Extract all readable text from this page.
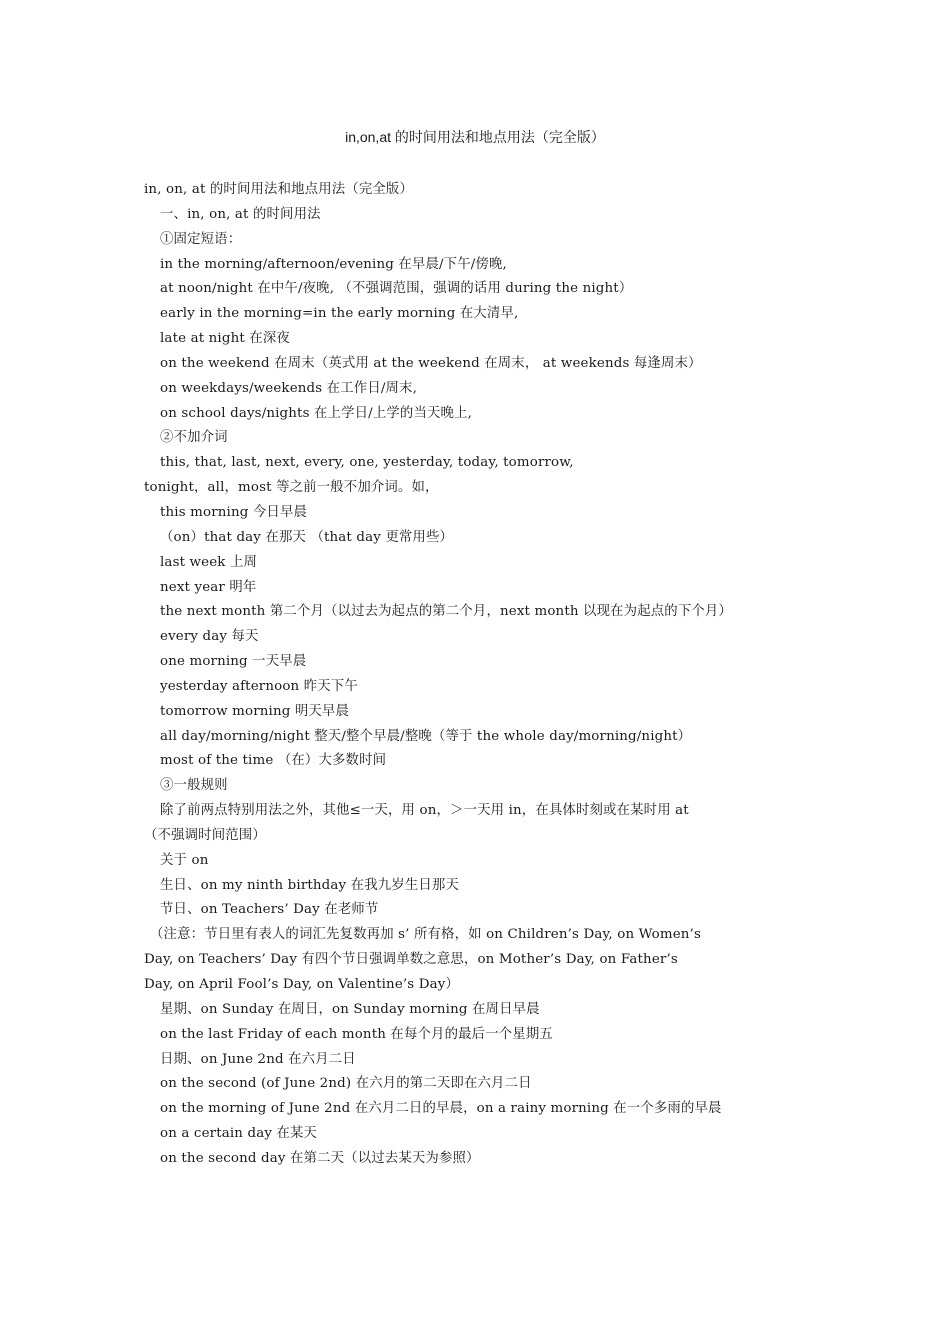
in,on,at 的时间用法和地点用法（完全版）
in, on, at 的时间用法和地点用法（完全版）
一、in, on, at 的时间用法
①固定短语：
in the morning/afternoon/evening 在早晨/下午/傍晚,
at noon/night 在中午/夜晚, （不强调范围，强调的话用 during the night）
early in the morning=in the early morning 在大清早,
late at night 在深夜
on the weekend 在周末（英式用 at the weekend 在周末， at weekends 每逢周末）
on weekdays/weekends 在工作日/周末,
on school days/nights 在上学日/上学的当天晚上,
②不加介词
this, that, last, next, every, one, yesterday, today, tomorrow,
tonight，all，most 等之前一般不加介词。如，
this morning 今日早晨
（on）that day 在那天 （that day 更常用些）
last week 上周
next year 明年
the next month 第二个月（以过去为起点的第二个月，next month 以现在为起点的下个月）
every day 每天
one morning 一天早晨
yesterday afternoon 昨天下午
tomorrow morning 明天早晨
all day/morning/night 整天/整个早晨/整晚（等于 the whole day/morning/night）
most of the time （在）大多数时间
③一般规则
除了前两点特别用法之外，其他≤一天，用 on，＞一天用 in，在具体时刻或在某时用 at
（不强调时间范围）
关于 on
生日、on my ninth birthday 在我九岁生日那天
节日、on Teachers’ Day 在老师节
（注意：节日里有表人的词汇先复数再加 s’ 所有格，如 on Children’s Day, on Women’s
Day, on Teachers’ Day 有四个节日强调单数之意思，on Mother’s Day, on Father’s
Day, on April Fool’s Day, on Valentine’s Day）
星期、on Sunday 在周日，on Sunday morning 在周日早晨
on the last Friday of each month 在每个月的最后一个星期五
日期、on June 2nd 在六月二日
on the second (of June 2nd) 在六月的第二天即在六月二日
on the morning of June 2nd 在六月二日的早晨，on a rainy morning 在一个多雨的早晨
on a certain day 在某天
on the second day 在第二天（以过去某天为参照）
